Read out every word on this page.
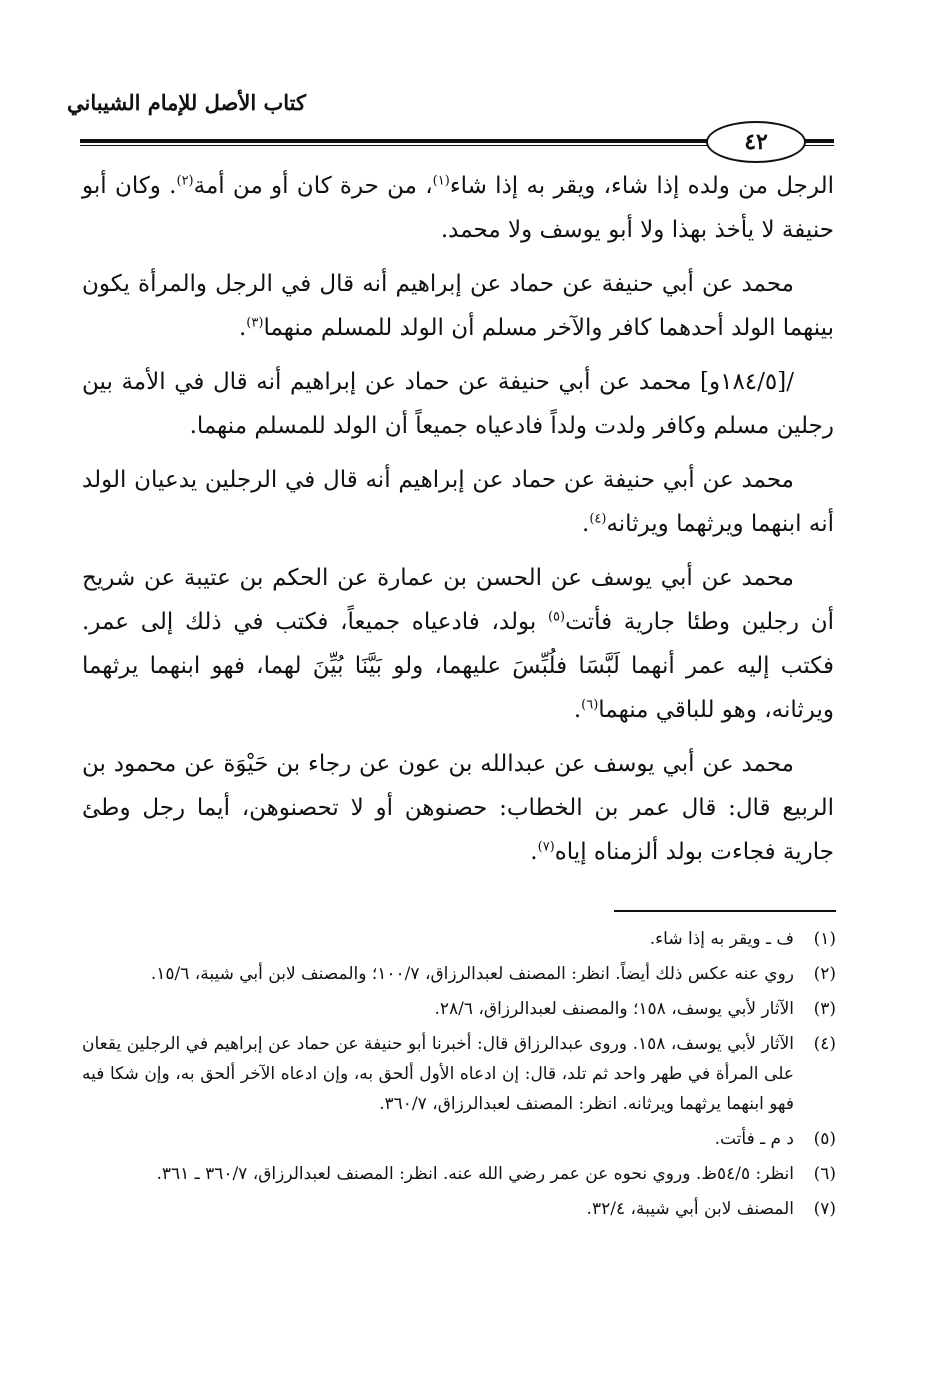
كتاب الأصل للإمام الشيباني
٤٢

الرجل من ولده إذا شاء، ويقر به إذا شاء$^{(١)}$، من حرة كان أو من أمة$^{(٢)}$. وكان أبو حنيفة لا يأخذ بهذا ولا أبو يوسف ولا محمد.

محمد عن أبي حنيفة عن حماد عن إبراهيم أنه قال في الرجل والمرأة يكون بينهما الولد أحدهما كافر والآخر مسلم أن الولد للمسلم منهما$^{(٣)}$.

/[١٨٤/٥و] محمد عن أبي حنيفة عن حماد عن إبراهيم أنه قال في الأمة بين رجلين مسلم وكافر ولدت ولداً فادعياه جميعاً أن الولد للمسلم منهما.

محمد عن أبي حنيفة عن حماد عن إبراهيم أنه قال في الرجلين يدعيان الولد أنه ابنهما ويرثهما ويرثانه$^{(٤)}$.

محمد عن أبي يوسف عن الحسن بن عمارة عن الحكم بن عتيبة عن شريح أن رجلين وطئا جارية فأتت$^{(٥)}$ بولد، فادعياه جميعاً، فكتب في ذلك إلى عمر. فكتب إليه عمر أنهما لَبَّسَا فلُبِّسَ عليهما، ولو بَيَّنَا بُيِّنَ لهما، فهو ابنهما يرثهما ويرثانه، وهو للباقي منهما$^{(٦)}$.

محمد عن أبي يوسف عن عبدالله بن عون عن رجاء بن حَيْوَة عن محمود بن الربيع قال: قال عمر بن الخطاب: حصنوهن أو لا تحصنوهن، أيما رجل وطئ جارية فجاءت بولد ألزمناه إياه$^{(٧)}$.

(١)
ف ـ ويقر به إذا شاء.
(٢)
روي عنه عكس ذلك أيضاً. انظر: المصنف لعبدالرزاق، ١٠٠/٧؛ والمصنف لابن أبي شيبة، ١٥/٦.
(٣)
الآثار لأبي يوسف، ١٥٨؛ والمصنف لعبدالرزاق، ٢٨/٦.
(٤)
الآثار لأبي يوسف، ١٥٨. وروى عبدالرزاق قال: أخبرنا أبو حنيفة عن حماد عن إبراهيم في الرجلين يقعان على المرأة في طهر واحد ثم تلد، قال: إن ادعاه الأول ألحق به، وإن ادعاه الآخر ألحق به، وإن شكا فيه فهو ابنهما يرثهما ويرثانه. انظر: المصنف لعبدالرزاق، ٣٦٠/٧.
(٥)
د م ـ فأتت.
(٦)
انظر: ٥٤/٥ظ. وروي نحوه عن عمر رضي الله عنه. انظر: المصنف لعبدالرزاق، ٣٦٠/٧ ـ ٣٦١.
(٧)
المصنف لابن أبي شيبة، ٣٢/٤.
